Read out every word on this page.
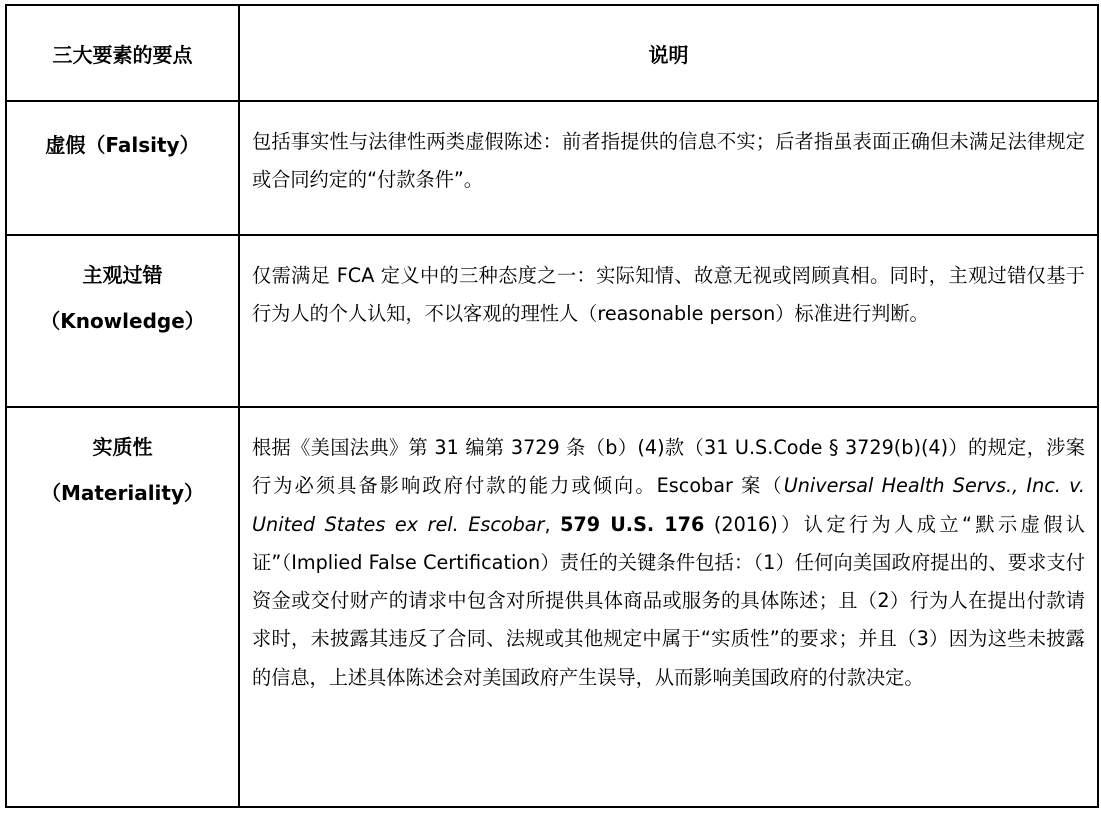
三大要素的要点	说明

虚假（Falsity）	包括事实性与法律性两类虚假陈述：前者指提供的信息不实；后者指虽表面正确但未满足法律规定或合同约定的“付款条件”。

主观过错
（Knowledge）	仅需满足 FCA 定义中的三种态度之一：实际知情、故意无视或罔顾真相。同时，主观过错仅基于行为人的个人认知，不以客观的理性人（reasonable person）标准进行判断。

实质性
（Materiality）	根据《美国法典》第 31 编第 3729 条（b）(4)款（31 U.S.Code § 3729(b)(4)）的规定，涉案行为必须具备影响政府付款的能力或倾向。Escobar 案（Universal Health Servs., Inc. v. United States ex rel. Escobar, 579 U.S. 176 (2016)）认定行为人成立“默示虚假认证”（Implied False Certification）责任的关键条件包括：（1）任何向美国政府提出的、要求支付资金或交付财产的请求中包含对所提供具体商品或服务的具体陈述；且（2）行为人在提出付款请求时，未披露其违反了合同、法规或其他规定中属于“实质性”的要求；并且（3）因为这些未披露的信息，上述具体陈述会对美国政府产生误导，从而影响美国政府的付款决定。
